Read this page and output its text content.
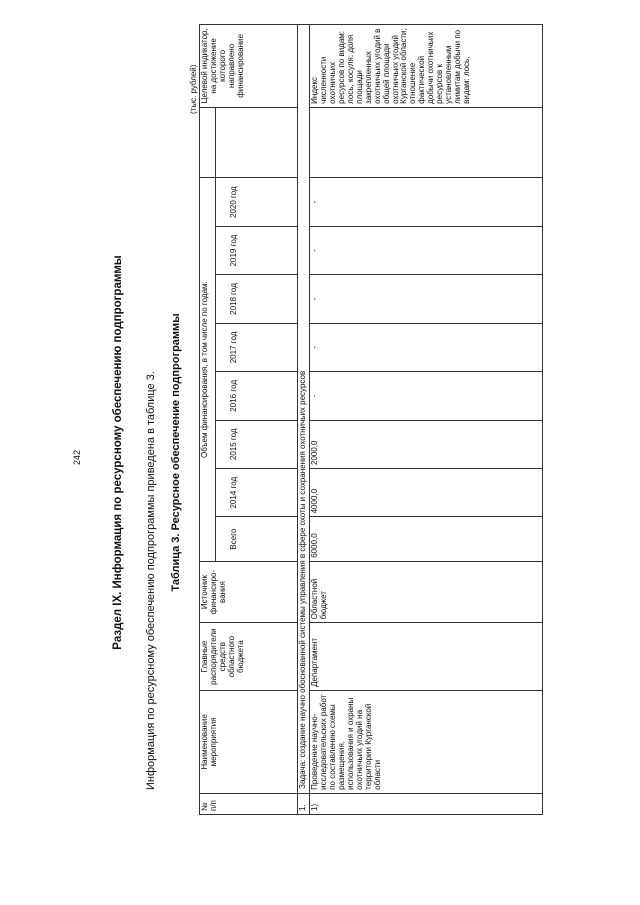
242	Раздел IX. Информация по ресурсному обеспечению подпрограммы Информация по ресурсному обеспечению подпрограммы приведена в таблице 3. Таблица 3. Ресурсное обеспечение подпрограммы
(тыс. рублей)
№ п/п	Наименование мероприятия	Главные распорядители средств областного бюджета	Источник финансиро-вания	Объем финансирования, в том числе по годам:									Целевой индикатор, на достижение которого направлено финансирование
				Всего	2014 год	2015 год	2016 год	2017 год	2018 год	2019 год	2020 год		
1.	Задача: создание научно обоснованной системы управления в сфере охоты и сохранения охотничьих ресурсов												
1)	Проведение научно-исследовательских работ по составлению схемы размещения, использования и охраны охотничьих угодий на территории Курганской области	Департамент	Областной бюджет	6000,0	4000,0	2000,0	-	-	-	-	-		Индекс численности охотничьих ресурсов по видам: лось, косуля; доля площади закрепленных охотничьих угодий в общей площади охотничьих угодий Курганской области; отношение фактической добычи охотничьих ресурсов к установленным лимитам добычи по видам: лось,
